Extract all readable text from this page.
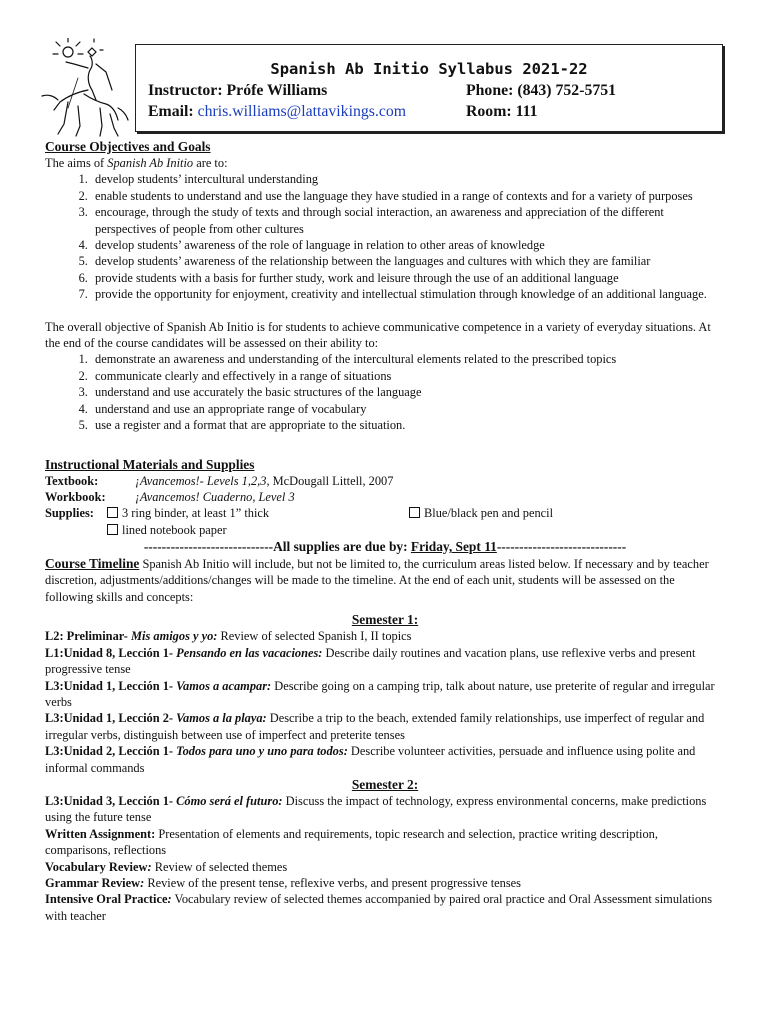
Spanish Ab Initio Syllabus 2021-22
Instructor: Prófe Williams	Phone: (843) 752-5751
Email: chris.williams@lattavikings.com	Room: 111
Course Objectives and Goals

The aims of Spanish Ab Initio are to:

1. develop students’ intercultural understanding
2. enable students to understand and use the language they have studied in a range of contexts and for a variety of purposes
3. encourage, through the study of texts and through social interaction, an awareness and appreciation of the different perspectives of people from other cultures
4. develop students’ awareness of the role of language in relation to other areas of knowledge
5. develop students’ awareness of the relationship between the languages and cultures with which they are familiar
6. provide students with a basis for further study, work and leisure through the use of an additional language
7. provide the opportunity for enjoyment, creativity and intellectual stimulation through knowledge of an additional language.

The overall objective of Spanish Ab Initio is for students to achieve communicative competence in a variety of everyday situations. At the end of the course candidates will be assessed on their ability to:

1. demonstrate an awareness and understanding of the intercultural elements related to the prescribed topics
2. communicate clearly and effectively in a range of situations
3. understand and use accurately the basic structures of the language
4. understand and use an appropriate range of vocabulary
5. use a register and a format that are appropriate to the situation.
Instructional Materials and Supplies
Textbook:	¡Avancemos!- Levels 1,2,3, McDougall Littell, 2007
Workbook: ¡Avancemos! Cuaderno, Level 3
Supplies:	3 ring binder, at least 1” thick	Blue/black pen and pencil
lined notebook paper
-----------------------------All supplies are due by: Friday, Sept 11-----------------------------

Course Timeline Spanish Ab Initio will include, but not be limited to, the curriculum areas listed below. If necessary and by teacher discretion, adjustments/additions/changes will be made to the timeline. At the end of each unit, students will be assessed on the following skills and concepts:

Semester 1:

L2: Preliminar- Mis amigos y yo: Review of selected Spanish I, II topics

L1:Unidad 8, Lección 1- Pensando en las vacaciones: Describe daily routines and vacation plans, use reflexive verbs and present progressive tense

L3:Unidad 1, Lección 1- Vamos a acampar: Describe going on a camping trip, talk about nature, use preterite of regular and irregular verbs

L3:Unidad 1, Lección 2- Vamos a la playa: Describe a trip to the beach, extended family relationships, use imperfect of regular and irregular verbs, distinguish between use of imperfect and preterite tenses

L3:Unidad 2, Lección 1- Todos para uno y uno para todos: Describe volunteer activities, persuade and influence using polite and informal commands

Semester 2:

L3:Unidad 3, Lección 1- Cómo será el futuro: Discuss the impact of technology, express environmental concerns, make predictions using the future tense

Written Assignment: Presentation of elements and requirements, topic research and selection, practice writing description, comparisons, reflections

Vocabulary Review: Review of selected themes

Grammar Review: Review of the present tense, reflexive verbs, and present progressive tenses

Intensive Oral Practice: Vocabulary review of selected themes accompanied by paired oral practice and Oral Assessment simulations with teacher
